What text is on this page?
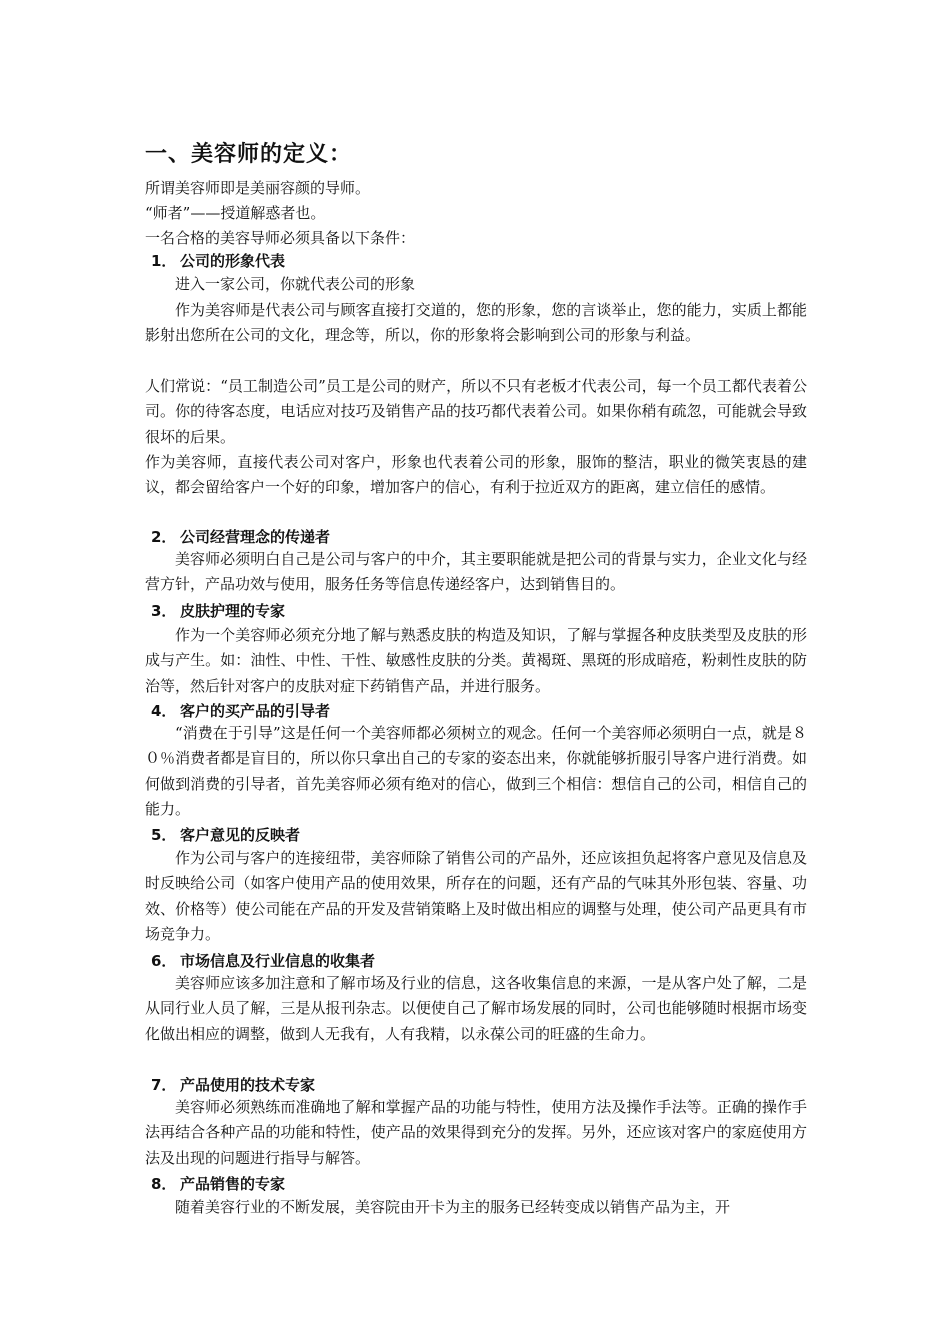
一、美容师的定义：
所谓美容师即是美丽容颜的导师。
“师者”——授道解惑者也。
一名合格的美容导师必须具备以下条件：
1． 公司的形象代表
进入一家公司，你就代表公司的形象
作为美容师是代表公司与顾客直接打交道的，您的形象，您的言谈举止，您的能力，实质上都能影射出您所在公司的文化，理念等，所以，你的形象将会影响到公司的形象与利益。
人们常说：“员工制造公司”员工是公司的财产，所以不只有老板才代表公司，每一个员工都代表着公司。你的待客态度，电话应对技巧及销售产品的技巧都代表着公司。如果你稍有疏忽，可能就会导致很坏的后果。
作为美容师，直接代表公司对客户，形象也代表着公司的形象，服饰的整洁，职业的微笑衷恳的建议，都会留给客户一个好的印象，增加客户的信心，有利于拉近双方的距离，建立信任的感情。
2． 公司经营理念的传递者
美容师必须明白自己是公司与客户的中介，其主要职能就是把公司的背景与实力，企业文化与经营方针，产品功效与使用，服务任务等信息传递经客户，达到销售目的。
3． 皮肤护理的专家
作为一个美容师必须充分地了解与熟悉皮肤的构造及知识，了解与掌握各种皮肤类型及皮肤的形成与产生。如：油性、中性、干性、敏感性皮肤的分类。黄褐斑、黑斑的形成暗疮，粉刺性皮肤的防治等，然后针对客户的皮肤对症下药销售产品，并进行服务。
4． 客户的买产品的引导者
“消费在于引导”这是任何一个美容师都必须树立的观念。任何一个美容师必须明白一点，就是８０％消费者都是盲目的，所以你只拿出自己的专家的姿态出来，你就能够折服引导客户进行消费。如何做到消费的引导者，首先美容师必须有绝对的信心，做到三个相信：想信自己的公司，相信自己的能力。
5． 客户意见的反映者
作为公司与客户的连接纽带，美容师除了销售公司的产品外，还应该担负起将客户意见及信息及时反映给公司（如客户使用产品的使用效果，所存在的问题，还有产品的气味其外形包装、容量、功效、价格等）使公司能在产品的开发及营销策略上及时做出相应的调整与处理，使公司产品更具有市场竞争力。
6． 市场信息及行业信息的收集者
美容师应该多加注意和了解市场及行业的信息，这各收集信息的来源，一是从客户处了解，二是从同行业人员了解，三是从报刊杂志。以便使自己了解市场发展的同时，公司也能够随时根据市场变化做出相应的调整，做到人无我有，人有我精，以永葆公司的旺盛的生命力。
7． 产品使用的技术专家
美容师必须熟练而准确地了解和掌握产品的功能与特性，使用方法及操作手法等。正确的操作手法再结合各种产品的功能和特性，使产品的效果得到充分的发挥。另外，还应该对客户的家庭使用方法及出现的问题进行指导与解答。
8． 产品销售的专家
随着美容行业的不断发展，美容院由开卡为主的服务已经转变成以销售产品为主，开
